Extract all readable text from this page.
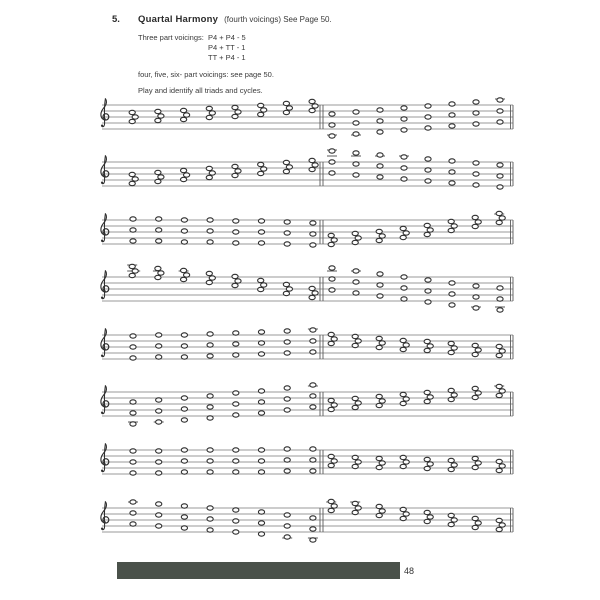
5.	Quartal Harmony (fourth voicings) See Page 50.
Three part voicings: P4 + P4 - 5
P4 + TT - 1
TT + P4 - 1
four, five, six- part voicings: see page 50.
Play and identify all triads and cycles.
48
